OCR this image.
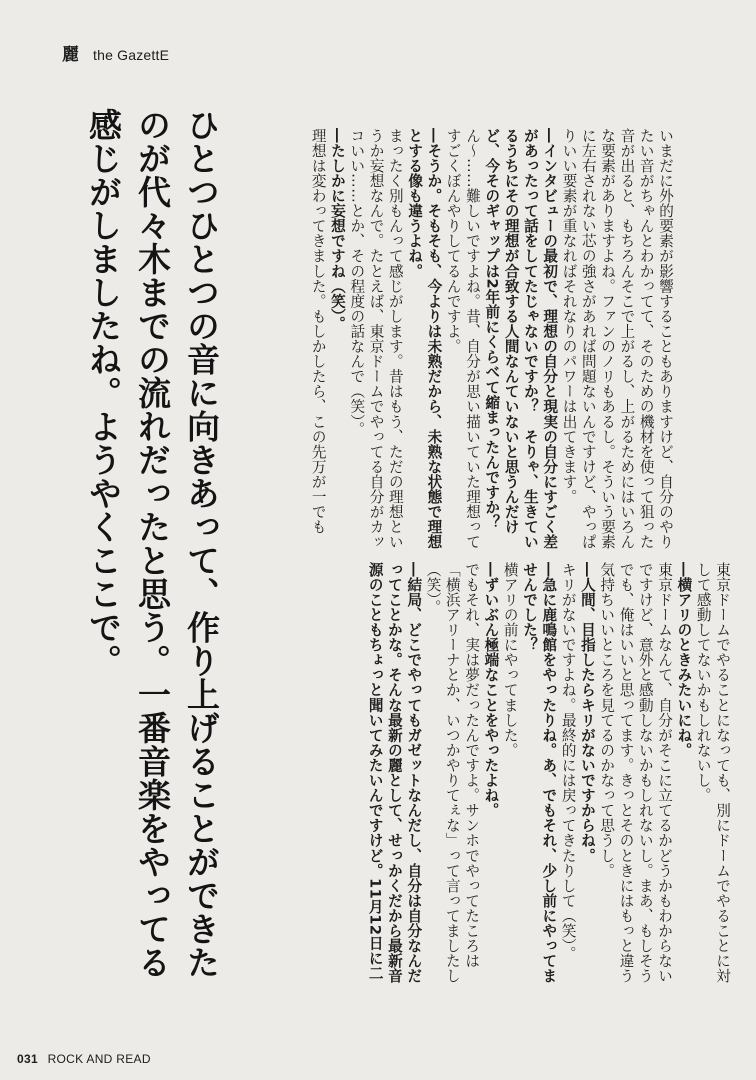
麗 the GazettE
ひとつひとつの音に向きあって、作り上げることができたのが代々木までの流れだったと思う。一番音楽をやってる感じがしましたね。ようやくここで。	いまだに外的要素が影響することもありますけど、自分のやりたい音がちゃんとわかってて、そのための機材を使って狙った音が出ると、もちろんそこで上がるし、上がるためにはいろんな要素がありますよね。ファンのノリもあるし。そういう要素に左右されない芯の強さがあれば問題ないんですけど、やっぱりいい要素が重なればそれなりのパワーは出てきます。

―インタビューの最初で、理想の自分と現実の自分にすごく差があったって話をしてたじゃないですか？　そりゃ、生きているうちにその理想が合致する人間なんていないと思うんだけど、今そのギャップは2年前にくらべて縮まったんですか？

ん～……難しいですよね。昔、自分が思い描いていた理想ってすごくぼんやりしてるんですよ。

―そうか。そもそも、今よりは未熟だから、未熟な状態で理想とする像も違うよね。

まったく別もんって感じがします。昔はもう、ただの理想というか妄想なんで。たとえば、東京ドームでやってる自分がカッコいい……とか、その程度の話なんで（笑）。

―たしかに妄想ですね（笑）。

理想は変わってきました。もしかしたら、この先万が一でも

東京ドームでやることになっても、別にドームでやることに対して感動してないかもしれないし。

―横アリのときみたいにね。

東京ドームなんて、自分がそこに立てるかどうかもわからないですけど、意外と感動しないかもしれないし。まあ、もしそうでも、俺はいいと思ってます。きっとそのときにはもっと違う気持ちいいところを見てるのかなって思うし。

―人間、目指したらキリがないですからね。

キリがないですよね。最終的には戻ってきたりして（笑）。

―急に鹿鳴館をやったりね。あ、でもそれ、少し前にやってませんでした？

横アリの前にやってました。

―ずいぶん極端なことをやったよね。

でもそれ、実は夢だったんですよ。サンホでやってたころは「横浜アリーナとか、いつかやりてぇな」って言ってましたし（笑）。

―結局、どこでやってもガゼットなんだし、自分は自分なんだってことかな。そんな最新の麗として、せっかくだから最新音源のこともちょっと聞いてみたいんですけど。11月12日に二

031 ROCK AND READ
